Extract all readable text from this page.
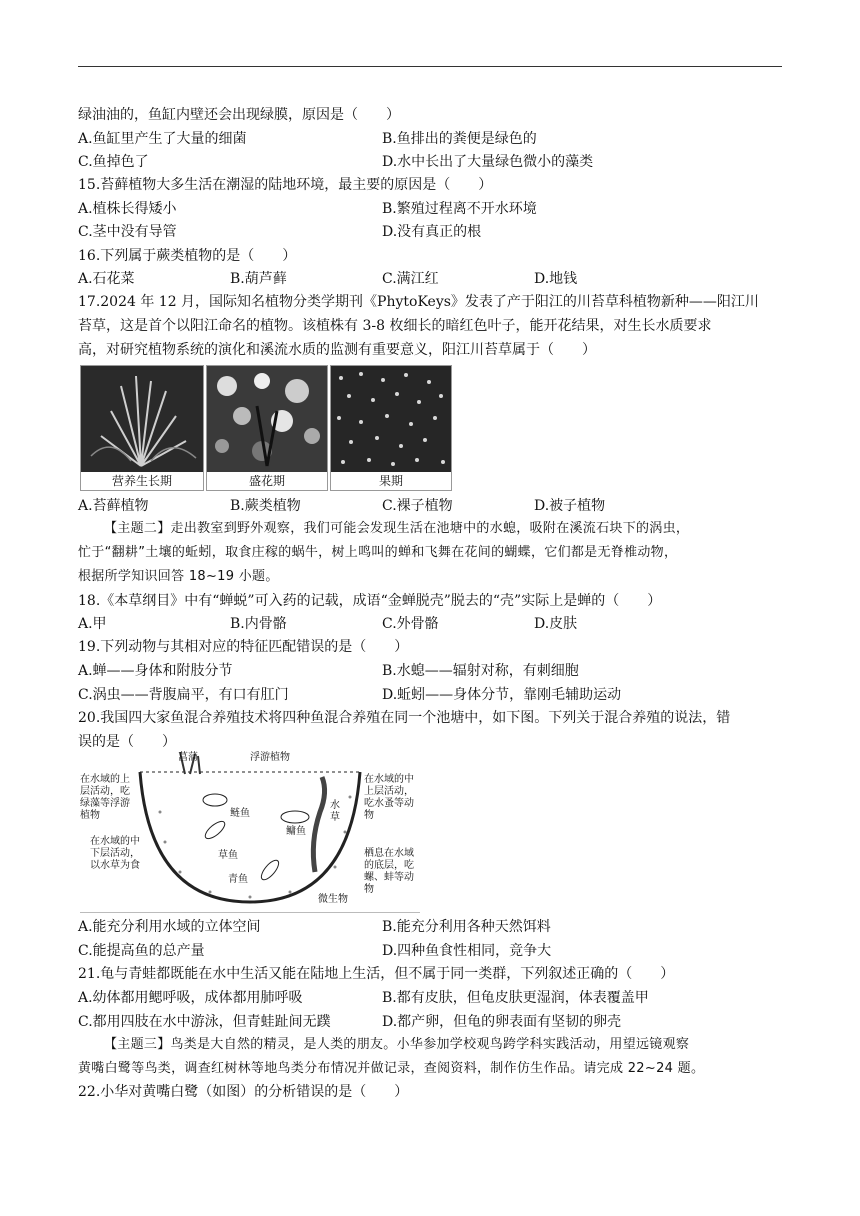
绿油油的，鱼缸内壁还会出现绿膜，原因是（　　）
A.鱼缸里产生了大量的细菌	B.鱼排出的粪便是绿色的
C.鱼掉色了	D.水中长出了大量绿色微小的藻类
15.苔藓植物大多生活在潮湿的陆地环境，最主要的原因是（　　）
A.植株长得矮小	B.繁殖过程离不开水环境
C.茎中没有导管	D.没有真正的根
16.下列属于蕨类植物的是（　　）
A.石花菜	B.葫芦藓	C.满江红	D.地钱
17.2024 年 12 月，国际知名植物分类学期刊《PhytoKeys》发表了产于阳江的川苔草科植物新种——阳江川
苔草，这是首个以阳江命名的植物。该植株有 3-8 枚细长的暗红色叶子，能开花结果，对生长水质要求
高，对研究植物系统的演化和溪流水质的监测有重要意义，阳江川苔草属于（　　）
营养生长期	盛花期	果期
A.苔藓植物	B.蕨类植物	C.裸子植物	D.被子植物
【主题二】走出教室到野外观察，我们可能会发现生活在池塘中的水螅，吸附在溪流石块下的涡虫，
忙于“翻耕”土壤的蚯蚓，取食庄稼的蜗牛，树上鸣叫的蝉和飞舞在花间的蝴蝶，它们都是无脊椎动物，
根据所学知识回答 18~19 小题。
18.《本草纲目》中有“蝉蜕”可入药的记载，成语“金蝉脱壳”脱去的“壳”实际上是蝉的（　　）
A.甲	B.内骨骼	C.外骨骼	D.皮肤
19.下列动物与其相对应的特征匹配错误的是（　　）
A.蝉——身体和附肢分节	B.水螅——辐射对称，有刺细胞
C.涡虫——背腹扁平，有口有肛门	D.蚯蚓——身体分节，靠刚毛辅助运动
20.我国四大家鱼混合养殖技术将四种鱼混合养殖在同一个池塘中，如下图。下列关于混合养殖的说法，错
误的是（　　）
菖蒲	浮游植物
在水域的上层活动，吃绿藻等浮游植物
在水域的中下层活动，以水草为食
在水域的中上层活动，吃水蚤等动物
栖息在水域的底层，吃螺、蚌等动物
鲢鱼
鳙鱼
草鱼
青鱼
水草
微生物
A.能充分利用水域的立体空间	B.能充分利用各种天然饵料
C.能提高鱼的总产量	D.四种鱼食性相同，竞争大
21.龟与青蛙都既能在水中生活又能在陆地上生活，但不属于同一类群，下列叙述正确的（　　）
A.幼体都用鳃呼吸，成体都用肺呼吸	B.都有皮肤，但龟皮肤更湿润，体表覆盖甲
C.都用四肢在水中游泳，但青蛙趾间无蹼	D.都产卵，但龟的卵表面有坚韧的卵壳
【主题三】鸟类是大自然的精灵，是人类的朋友。小华参加学校观鸟跨学科实践活动，用望远镜观察
黄嘴白鹭等鸟类，调查红树林等地鸟类分布情况并做记录，查阅资料，制作仿生作品。请完成 22~24 题。
22.小华对黄嘴白鹭（如图）的分析错误的是（　　）
